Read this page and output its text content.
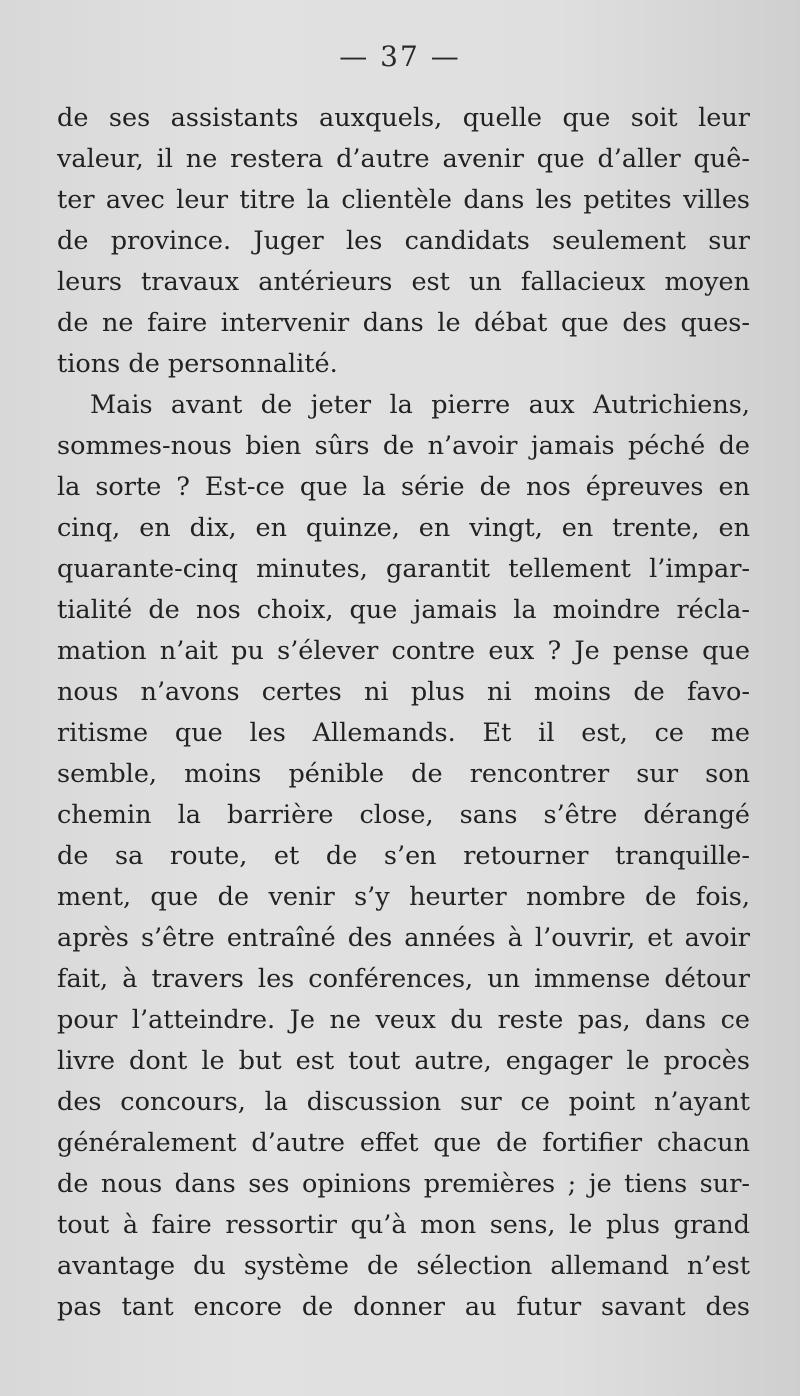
— 37 —
de ses assistants auxquels, quelle que soit leur
valeur, il ne restera d’autre avenir que d’aller quê-
ter avec leur titre la clientèle dans les petites villes
de province. Juger les candidats seulement sur
leurs travaux antérieurs est un fallacieux moyen
de ne faire intervenir dans le débat que des ques-
tions de personnalité.
Mais avant de jeter la pierre aux Autrichiens,
sommes-nous bien sûrs de n’avoir jamais péché de
la sorte ? Est-ce que la série de nos épreuves en
cinq, en dix, en quinze, en vingt, en trente, en
quarante-cinq minutes, garantit tellement l’impar-
tialité de nos choix, que jamais la moindre récla-
mation n’ait pu s’élever contre eux ? Je pense que
nous n’avons certes ni plus ni moins de favo-
ritisme que les Allemands. Et il est, ce me
semble, moins pénible de rencontrer sur son
chemin la barrière close, sans s’être dérangé
de sa route, et de s’en retourner tranquille-
ment, que de venir s’y heurter nombre de fois,
après s’être entraîné des années à l’ouvrir, et avoir
fait, à travers les conférences, un immense détour
pour l’atteindre. Je ne veux du reste pas, dans ce
livre dont le but est tout autre, engager le procès
des concours, la discussion sur ce point n’ayant
généralement d’autre effet que de fortifier chacun
de nous dans ses opinions premières ; je tiens sur-
tout à faire ressortir qu’à mon sens, le plus grand
avantage du système de sélection allemand n’est
pas tant encore de donner au futur savant des
